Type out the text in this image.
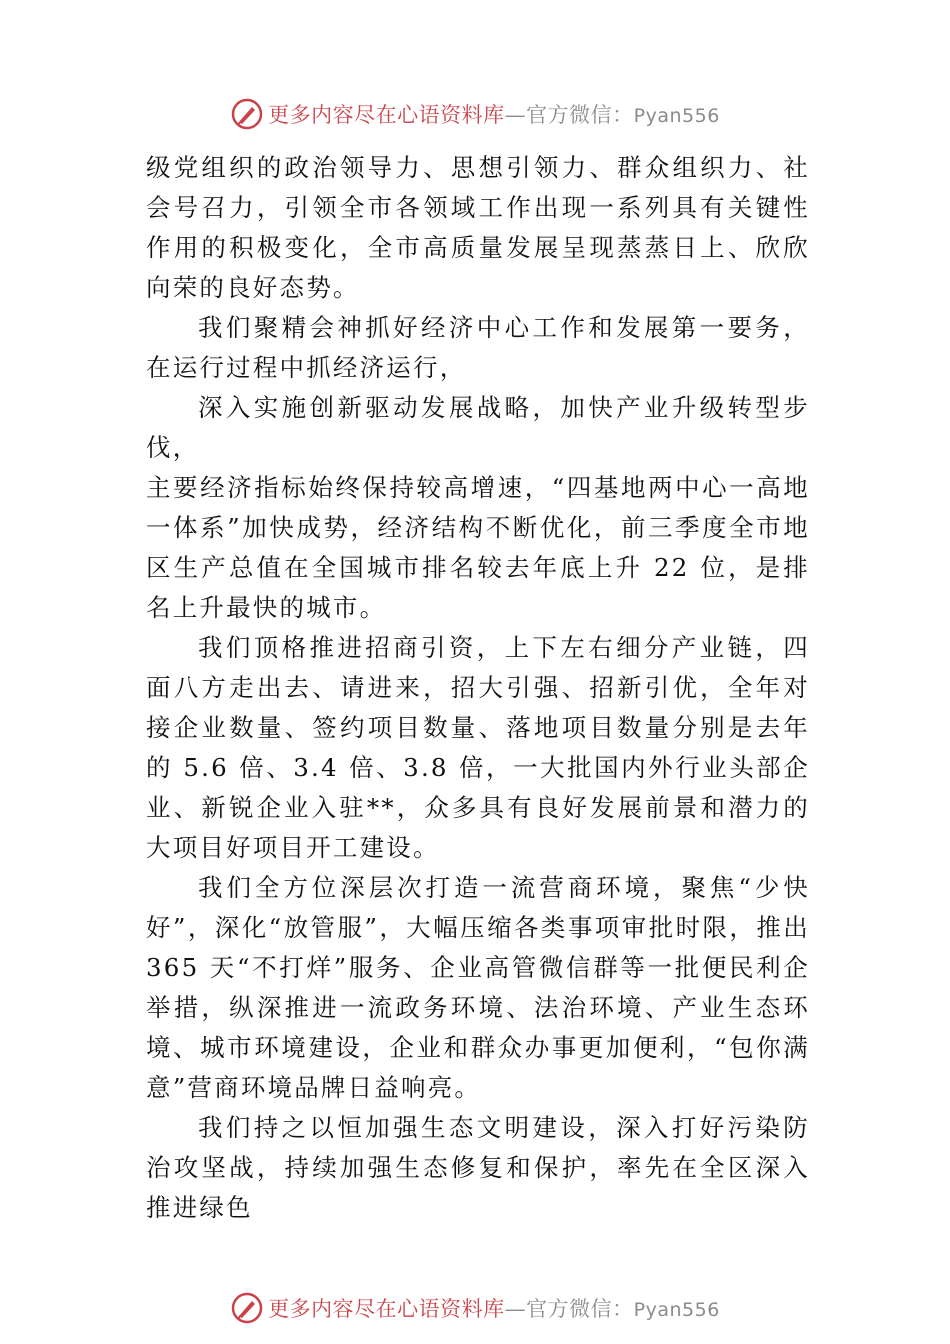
更多内容尽在心语资料库—官方微信：Pyan556

级党组织的政治领导力、思想引领力、群众组织力、社会号召力，引领全市各领域工作出现一系列具有关键性作用的积极变化，全市高质量发展呈现蒸蒸日上、欣欣向荣的良好态势。

我们聚精会神抓好经济中心工作和发展第一要务，在运行过程中抓经济运行，

深入实施创新驱动发展战略，加快产业升级转型步伐，

主要经济指标始终保持较高增速，“四基地两中心一高地一体系”加快成势，经济结构不断优化，前三季度全市地区生产总值在全国城市排名较去年底上升 22 位，是排名上升最快的城市。

我们顶格推进招商引资，上下左右细分产业链，四面八方走出去、请进来，招大引强、招新引优，全年对接企业数量、签约项目数量、落地项目数量分别是去年的 5.6 倍、3.4 倍、3.8 倍，一大批国内外行业头部企业、新锐企业入驻**，众多具有良好发展前景和潜力的大项目好项目开工建设。

我们全方位深层次打造一流营商环境，聚焦“少快好”，深化“放管服”，大幅压缩各类事项审批时限，推出 365 天“不打烊”服务、企业高管微信群等一批便民利企举措，纵深推进一流政务环境、法治环境、产业生态环境、城市环境建设，企业和群众办事更加便利，“包你满意”营商环境品牌日益响亮。

我们持之以恒加强生态文明建设，深入打好污染防治攻坚战，持续加强生态修复和保护，率先在全区深入推进绿色

更多内容尽在心语资料库—官方微信：Pyan556
